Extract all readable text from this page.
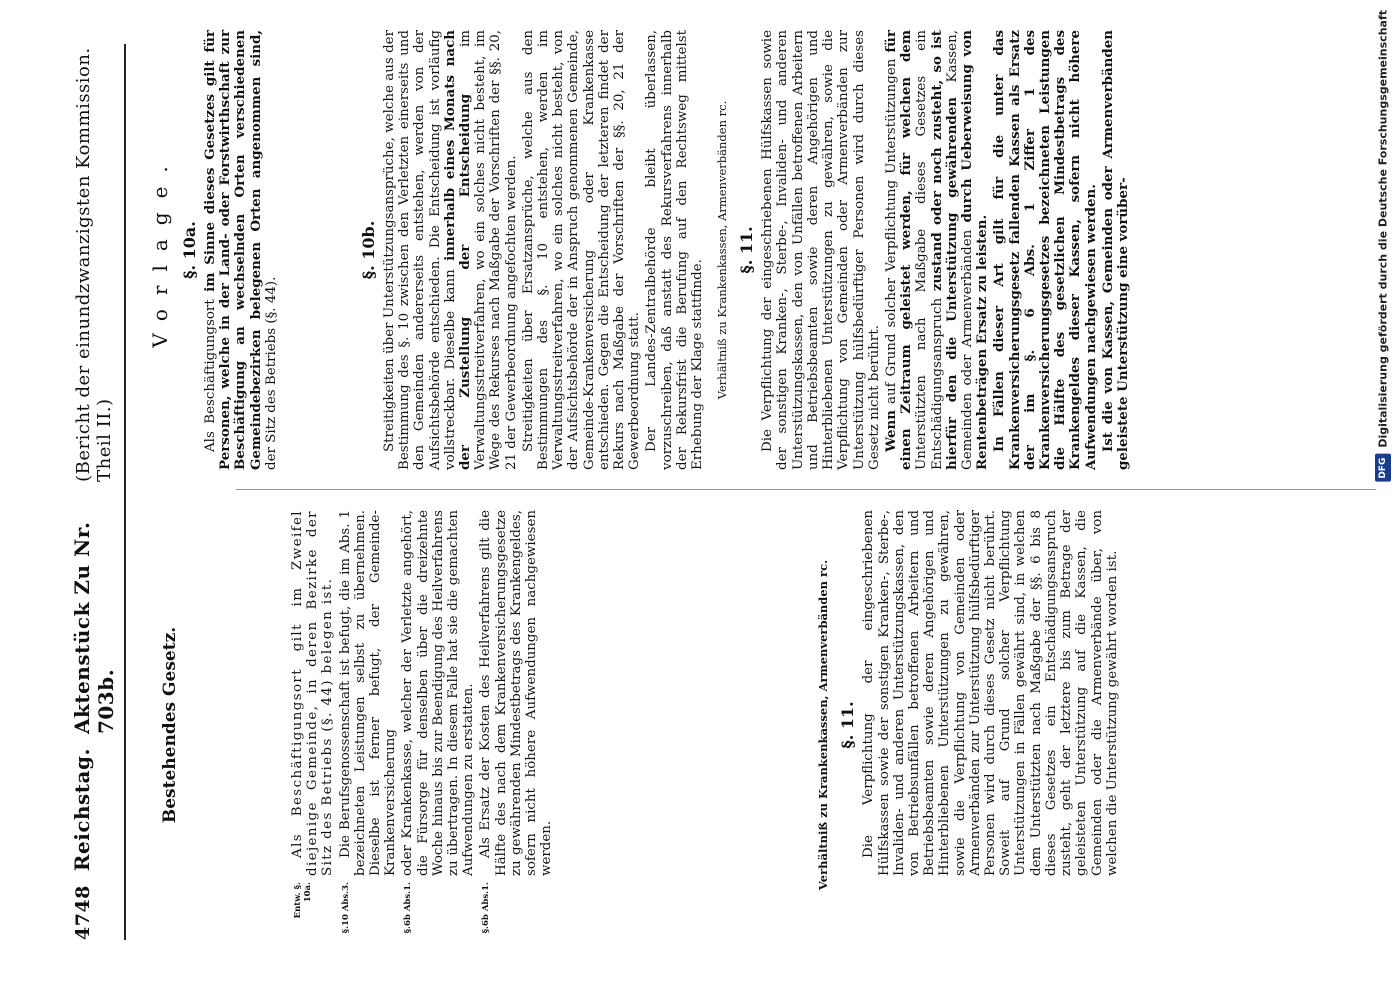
DFG
Digitalisierung gefördert durch die Deutsche Forschungsgemeinschaft
4748
Reichstag.
Aktenstück Zu Nr. 703b.
(Bericht der einundzwanzigsten Kommission. Theil II.)
Bestehendes Gesetz.
Entw. §. 10a.

Als Beschäftigungsort gilt im Zweifel diejenige Gemeinde, in deren Bezirke der Sitz des Betriebs (§. 44) belegen ist.

§.10 Abs.3.

Die Berufsgenossenschaft ist befugt, die im Abs. 1 bezeichneten Leistungen selbst zu übernehmen. Dieselbe ist ferner befugt, der Gemeinde-Krankenversicherung

§.6b Abs.1.

oder Krankenkasse, welcher der Verletzte angehört, die Fürsorge für denselben über die dreizehnte Woche hinaus bis zur Beendigung des Heilverfahrens zu übertragen. In diesem Falle hat sie die gemachten Aufwendungen zu erstatten.

§.6b Abs.1.

Als Ersatz der Kosten des Heilverfahrens gilt die Hälfte des nach dem Krankenversicherungsgesetze zu gewährenden Mindestbetrags des Krankengeldes, sofern nicht höhere Aufwendungen nachgewiesen werden.	Verhältniß zu Krankenkassen, Armenverbänden rc. §. 11. Die Verpflichtung der eingeschriebenen Hülfskassen sowie der sonstigen Kranken-, Sterbe-, Invaliden- und anderen Unterstützungskassen, den von Betriebsunfällen betroffenen Arbeitern und Betriebsbeamten sowie deren Angehörigen und Hinterbliebenen Unterstützungen zu gewähren, sowie die Verpflichtung von Gemeinden oder Armenverbänden zur Unterstützung hülfsbedürftiger Personen wird durch dieses Gesetz nicht berührt. Soweit auf Grund solcher Verpflichtung Unterstützungen in Fällen gewährt sind, in welchen dem Unterstützten nach Maßgabe der §§. 6 bis 8 dieses Gesetzes ein Entschädigungsanspruch zusteht, geht der letztere bis zum Betrage der geleisteten Unterstützung auf die Kassen, die Gemeinden oder die Armenverbände über, von welchen die Unterstützung gewährt worden ist.

Vorlage. §. 10a.

Als Beschäftigungsort im Sinne dieses Gesetzes gilt für Personen, welche in der Land- oder Forstwirthschaft zur Beschäftigung an wechselnden Orten verschiedenen Gemeindebezirken belegenen Orten angenommen sind, der Sitz des Betriebs (§. 44).

§. 10b. Streitigkeiten über Unterstützungsansprüche, welche aus der Bestimmung des §. 10 zwischen den Verletzten einerseits und den Gemeinden andererseits entstehen, werden von der Aufsichtsbehörde entschieden. Die Entscheidung ist vorläufig vollstreckbar. Dieselbe kann innerhalb eines Monats nach der Zustellung der Entscheidung im Verwaltungsstreitverfahren, wo ein solches nicht besteht, im Wege des Rekurses nach Maßgabe der Vorschriften der §§. 20, 21 der Gewerbeordnung angefochten werden. Streitigkeiten über Ersatzansprüche, welche aus den Bestimmungen des §. 10 entstehen, werden im Verwaltungsstreitverfahren, wo ein solches nicht besteht, von der Aufsichtsbehörde der in Anspruch genommenen Gemeinde, Gemeinde-Krankenversicherung oder Krankenkasse entschieden. Gegen die Entscheidung der letzteren findet der Rekurs nach Maßgabe der Vorschriften der §§. 20, 21 der Gewerbeordnung statt. Der Landes-Zentralbehörde bleibt überlassen, vorzuschreiben, daß anstatt des Rekursverfahrens innerhalb der Rekursfrist die Berufung auf den Rechtsweg mittelst Erhebung der Klage stattfinde. Verhältniß zu Krankenkassen, Armenverbänden rc. §. 11. Die Verpflichtung der eingeschriebenen Hülfskassen sowie der sonstigen Kranken-, Sterbe-, Invaliden- und anderen Unterstützungskassen, den von Unfällen betroffenen Arbeitern und Betriebsbeamten sowie deren Angehörigen und Hinterbliebenen Unterstützungen zu gewähren, sowie die Verpflichtung von Gemeinden oder Armenverbänden zur Unterstützung hülfsbedürftiger Personen wird durch dieses Gesetz nicht berührt. Wenn auf Grund solcher Verpflichtung Unterstützungen für einen Zeitraum geleistet werden, für welchen dem Unterstützten nach Maßgabe dieses Gesetzes ein Entschädigungsanspruch zustand oder noch zusteht, so ist hierfür den die Unterstützung gewährenden Kassen, Gemeinden oder Armenverbänden durch Ueberweisung von Rentenbeträgen Ersatz zu leisten. In Fällen dieser Art gilt für die unter das Krankenversicherungsgesetz fallenden Kassen als Ersatz der im §. 6 Abs. 1 Ziffer 1 des Krankenversicherungsgesetzes bezeichneten Leistungen die Hälfte des gesetzlichen Mindestbetrags des Krankengeldes dieser Kassen, sofern nicht höhere Aufwendungen nachgewiesen werden. Ist die von Kassen, Gemeinden oder Armenverbänden geleistete Unterstützung eine vorüber-
